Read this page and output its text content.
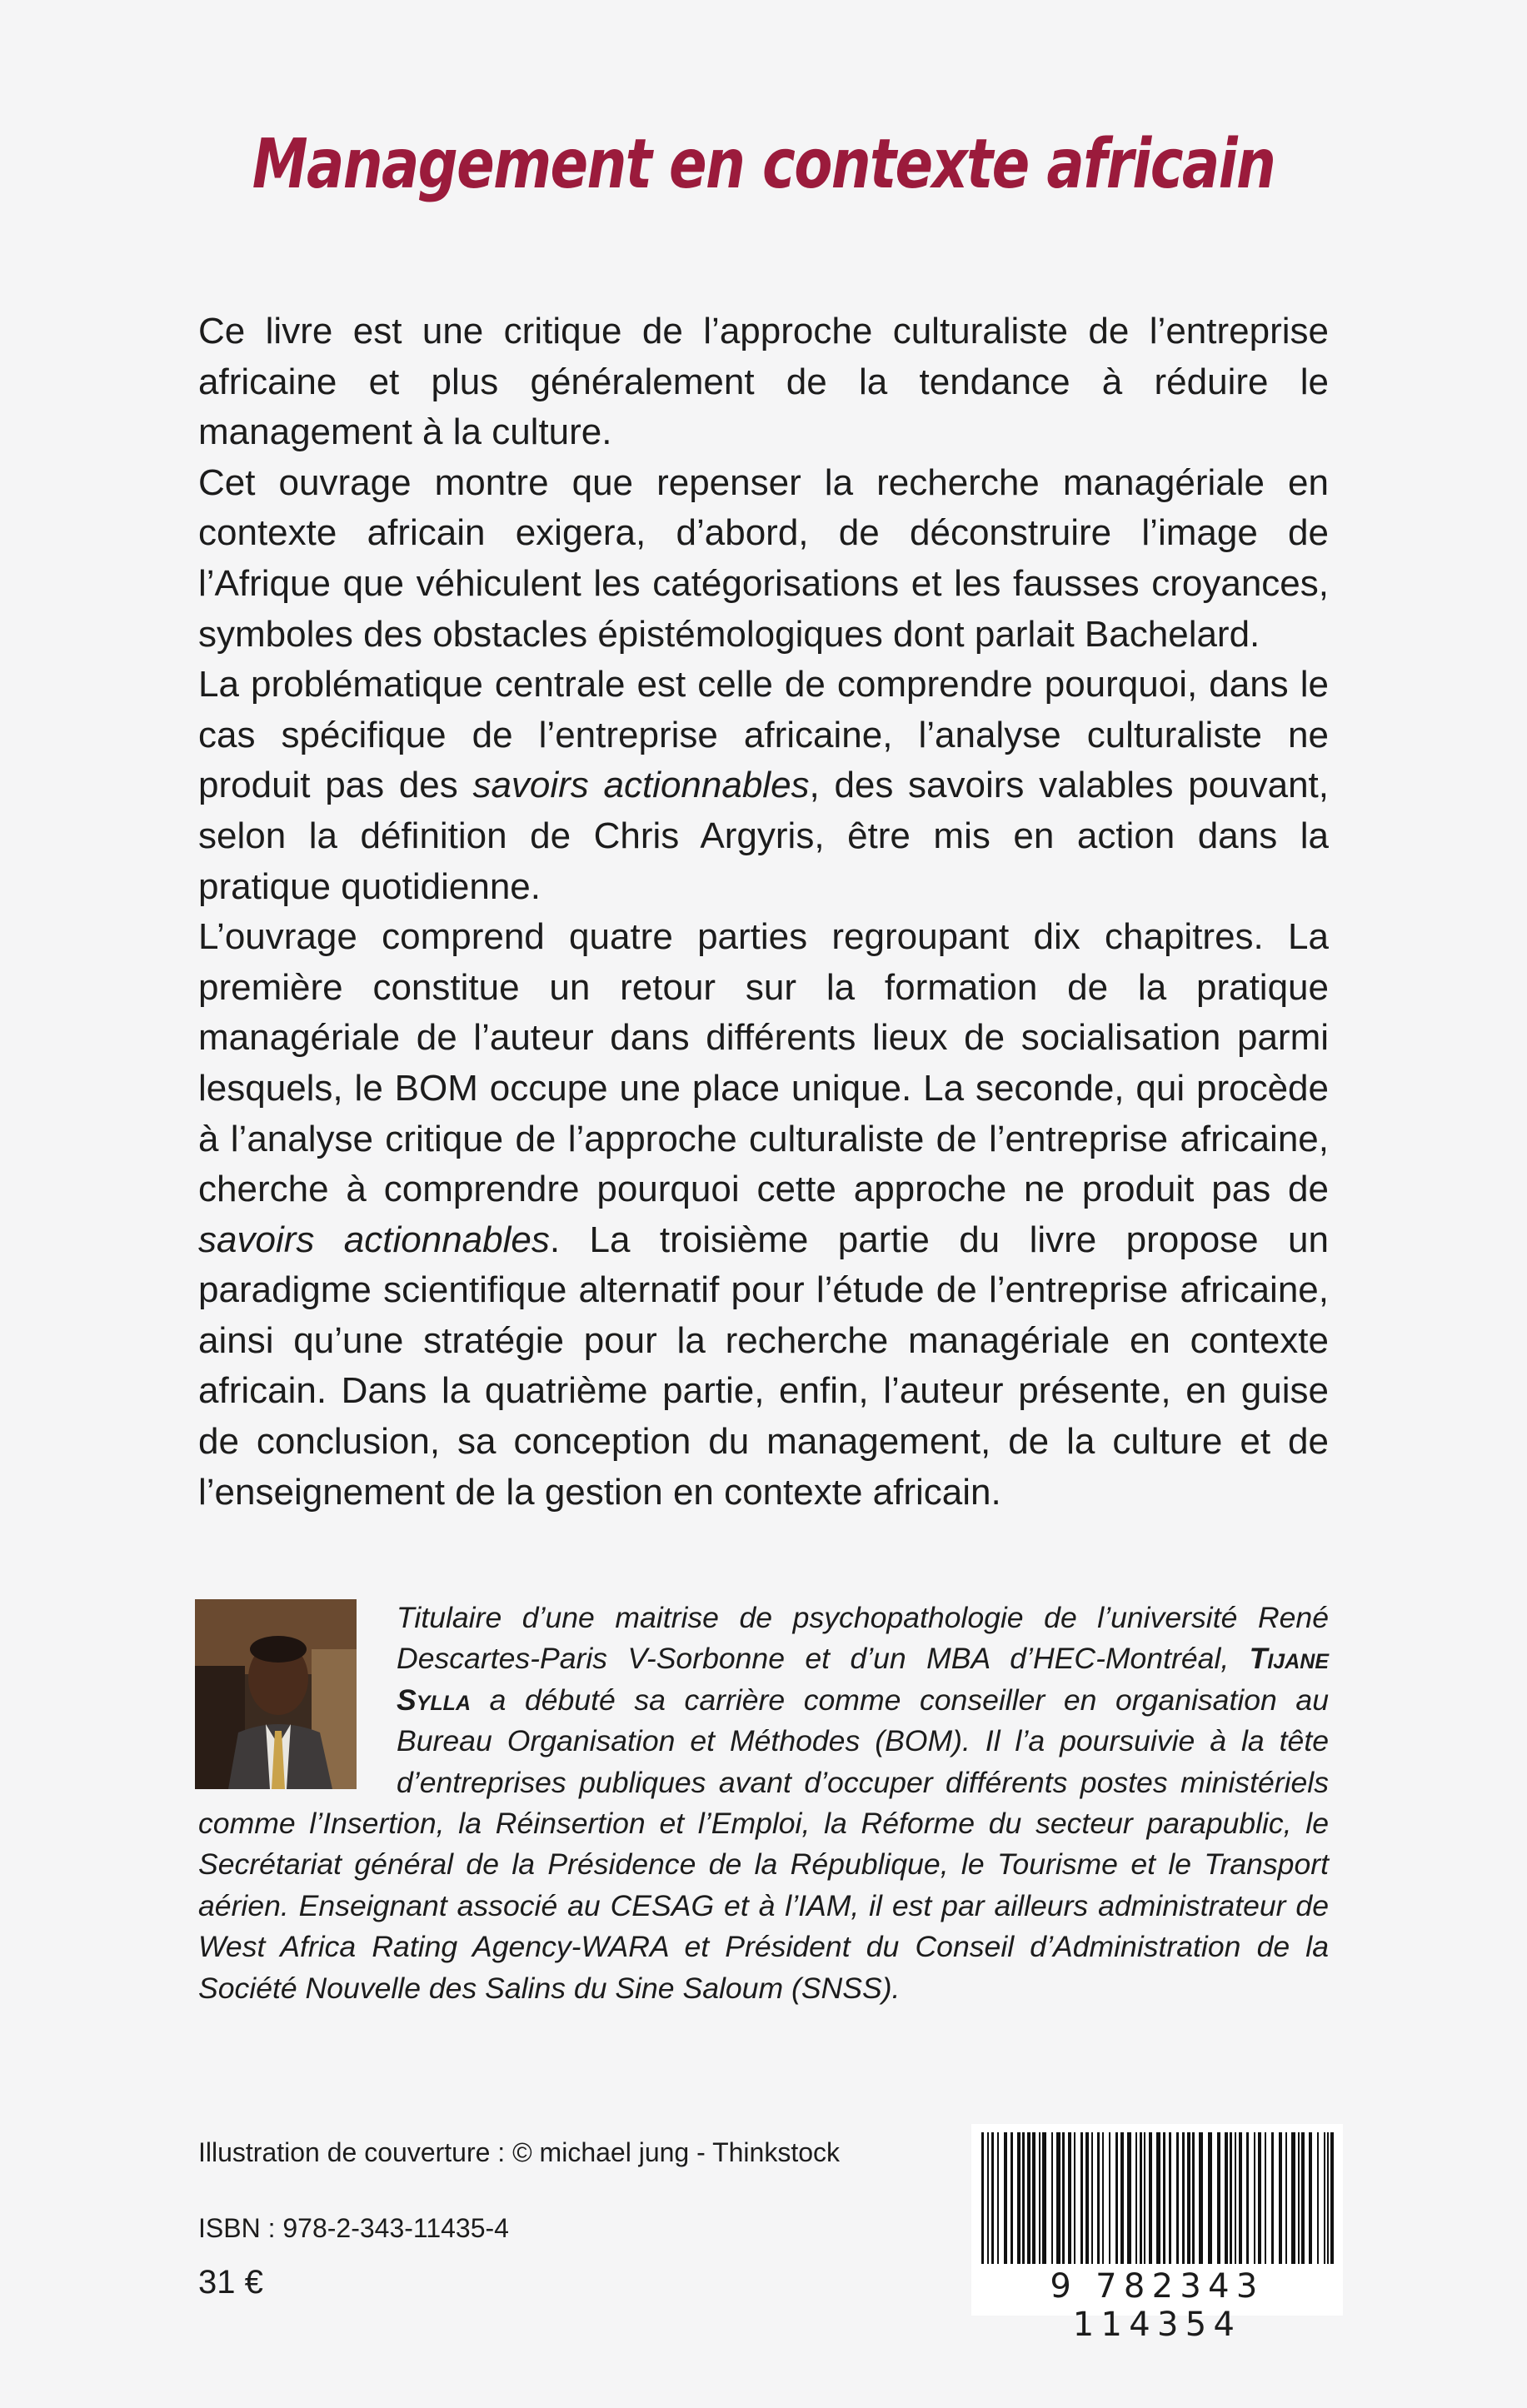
Management en contexte africain

Ce livre est une critique de l’approche culturaliste de l’entreprise africaine et plus généralement de la tendance à réduire le management à la culture.

Cet ouvrage montre que repenser la recherche managériale en contexte africain exigera, d’abord, de déconstruire l’image de l’Afrique que véhiculent les catégorisations et les fausses croyances, symboles des obstacles épistémologiques dont parlait Bachelard.

La problématique centrale est celle de comprendre pourquoi, dans le cas spécifique de l’entreprise africaine, l’analyse culturaliste ne produit pas des savoirs actionnables, des savoirs valables pouvant, selon la définition de Chris Argyris, être mis en action dans la pratique quotidienne.

L’ouvrage comprend quatre parties regroupant dix chapitres. La première constitue un retour sur la formation de la pratique managériale de l’auteur dans différents lieux de socialisation parmi lesquels, le BOM occupe une place unique. La seconde, qui procède à l’analyse critique de l’approche culturaliste de l’entreprise africaine, cherche à comprendre pourquoi cette approche ne produit pas de savoirs actionnables. La troisième partie du livre propose un paradigme scientifique alternatif pour l’étude de l’entreprise africaine, ainsi qu’une stratégie pour la recherche managériale en contexte africain. Dans la quatrième partie, enfin, l’auteur présente, en guise de conclusion, sa conception du management, de la culture et de l’enseignement de la gestion en contexte africain.

Titulaire d’une maitrise de psychopathologie de l’université René Descartes-Paris V-Sorbonne et d’un MBA d’HEC-Montréal, Tijane Sylla a débuté sa carrière comme conseiller en organisation au Bureau Organisation et Méthodes (BOM). Il l’a poursuivie à la tête d’entreprises publiques avant d’occuper différents postes ministériels comme l’Insertion, la Réinsertion et l’Emploi, la Réforme du secteur parapublic, le Secrétariat général de la Présidence de la République, le Tourisme et le Transport aérien. Enseignant associé au CESAG et à l’IAM, il est par ailleurs administrateur de West Africa Rating Agency-WARA et Président du Conseil d’Administration de la Société Nouvelle des Salins du Sine Saloum (SNSS).
Illustration de couverture : © michael jung - Thinkstock
ISBN : 978-2-343-11435-4
31 €	9 782343 114354
